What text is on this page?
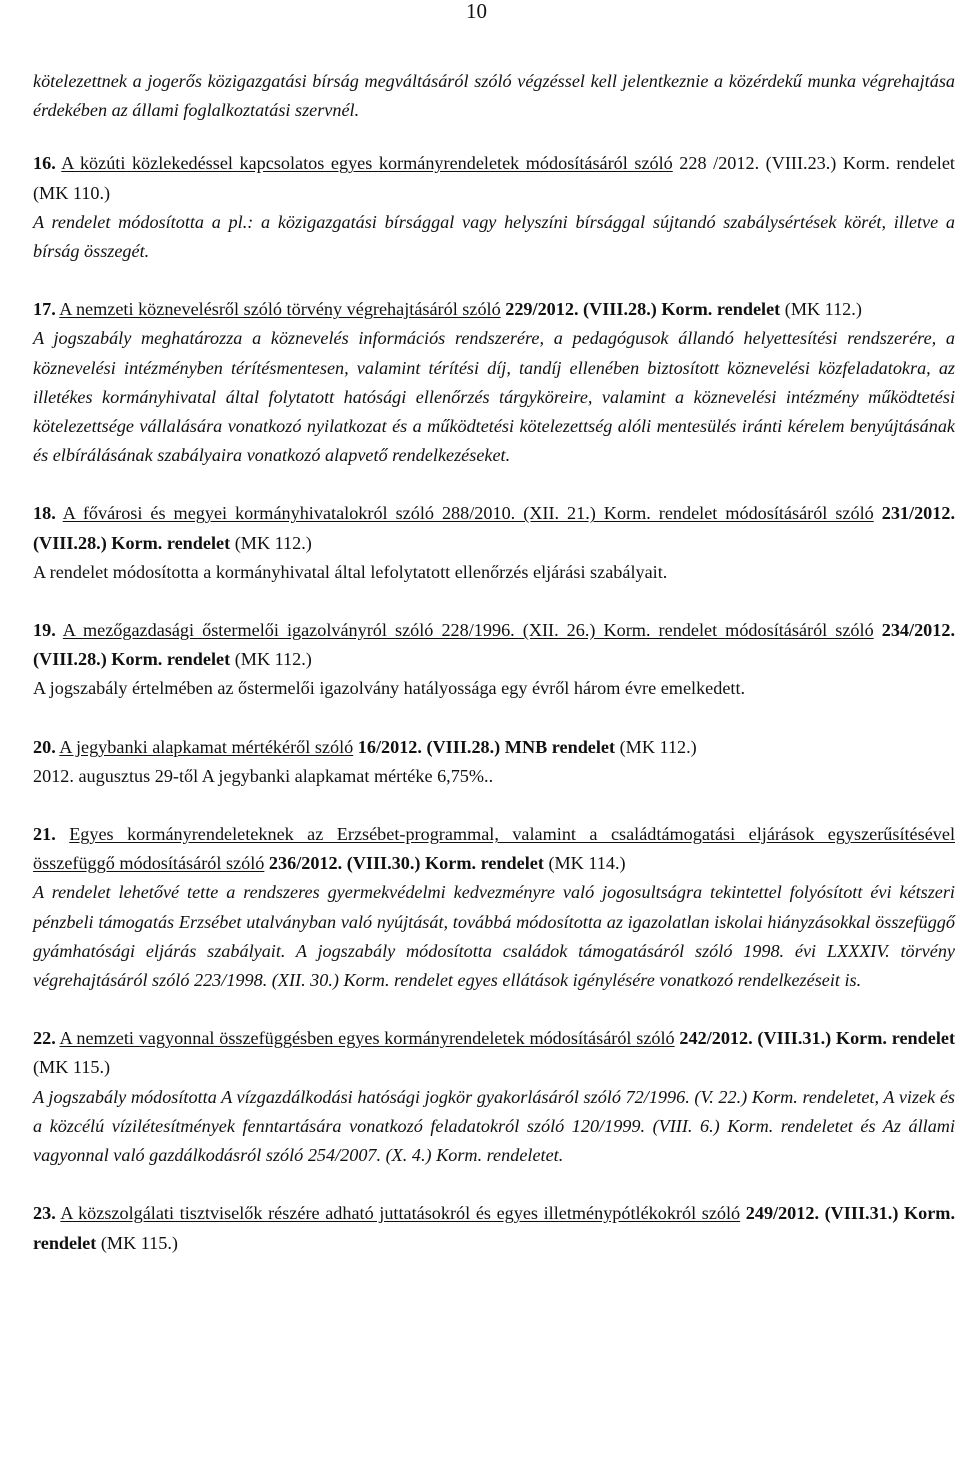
10

kötelezettnek a jogerős közigazgatási bírság megváltásáról szóló végzéssel kell jelentkeznie a közérdekű munka végrehajtása érdekében az állami foglalkoztatási szervnél.

16. A közúti közlekedéssel kapcsolatos egyes kormányrendeletek módosításáról szóló 228 /2012. (VIII.23.) Korm. rendelet (MK 110.)
A rendelet módosította a pl.: a közigazgatási bírsággal vagy helyszíni bírsággal sújtandó szabálysértések körét, illetve a bírság összegét.
17. A nemzeti köznevelésről szóló törvény végrehajtásáról szóló 229/2012. (VIII.28.) Korm. rendelet (MK 112.)
A jogszabály meghatározza a köznevelés információs rendszerére, a pedagógusok állandó helyettesítési rendszerére, a köznevelési intézményben térítésmentesen, valamint térítési díj, tandíj ellenében biztosított köznevelési közfeladatokra, az illetékes kormányhivatal által folytatott hatósági ellenőrzés tárgyköreire, valamint a köznevelési intézmény működtetési kötelezettsége vállalására vonatkozó nyilatkozat és a működtetési kötelezettség alóli mentesülés iránti kérelem benyújtásának és elbírálásának szabályaira vonatkozó alapvető rendelkezéseket.
18. A fővárosi és megyei kormányhivatalokról szóló 288/2010. (XII. 21.) Korm. rendelet módosításáról szóló 231/2012. (VIII.28.) Korm. rendelet (MK 112.)
A rendelet módosította a kormányhivatal által lefolytatott ellenőrzés eljárási szabályait.
19. A mezőgazdasági őstermelői igazolványról szóló 228/1996. (XII. 26.) Korm. rendelet módosításáról szóló 234/2012. (VIII.28.) Korm. rendelet (MK 112.)
A jogszabály értelmében az őstermelői igazolvány hatályossága egy évről három évre emelkedett.
20. A jegybanki alapkamat mértékéről szóló 16/2012. (VIII.28.) MNB rendelet (MK 112.)
2012. augusztus 29-től A jegybanki alapkamat mértéke 6,75%..
21. Egyes kormányrendeleteknek az Erzsébet-programmal, valamint a családtámogatási eljárások egyszerűsítésével összefüggő módosításáról szóló 236/2012. (VIII.30.) Korm. rendelet (MK 114.)
A rendelet lehetővé tette a rendszeres gyermekvédelmi kedvezményre való jogosultságra tekintettel folyósított évi kétszeri pénzbeli támogatás Erzsébet utalványban való nyújtását, továbbá módosította az igazolatlan iskolai hiányzásokkal összefüggő gyámhatósági eljárás szabályait. A jogszabály módosította családok támogatásáról szóló 1998. évi LXXXIV. törvény végrehajtásáról szóló 223/1998. (XII. 30.) Korm. rendelet egyes ellátások igénylésére vonatkozó rendelkezéseit is.
22. A nemzeti vagyonnal összefüggésben egyes kormányrendeletek módosításáról szóló 242/2012. (VIII.31.) Korm. rendelet (MK 115.)
A jogszabály módosította A vízgazdálkodási hatósági jogkör gyakorlásáról szóló 72/1996. (V. 22.) Korm. rendeletet, A vizek és a közcélú vízilétesítmények fenntartására vonatkozó feladatokról szóló 120/1999. (VIII. 6.) Korm. rendeletet és Az állami vagyonnal való gazdálkodásról szóló 254/2007. (X. 4.) Korm. rendeletet.
23. A közszolgálati tisztviselők részére adható juttatásokról és egyes illetménypótlékokról szóló 249/2012. (VIII.31.) Korm. rendelet (MK 115.)
